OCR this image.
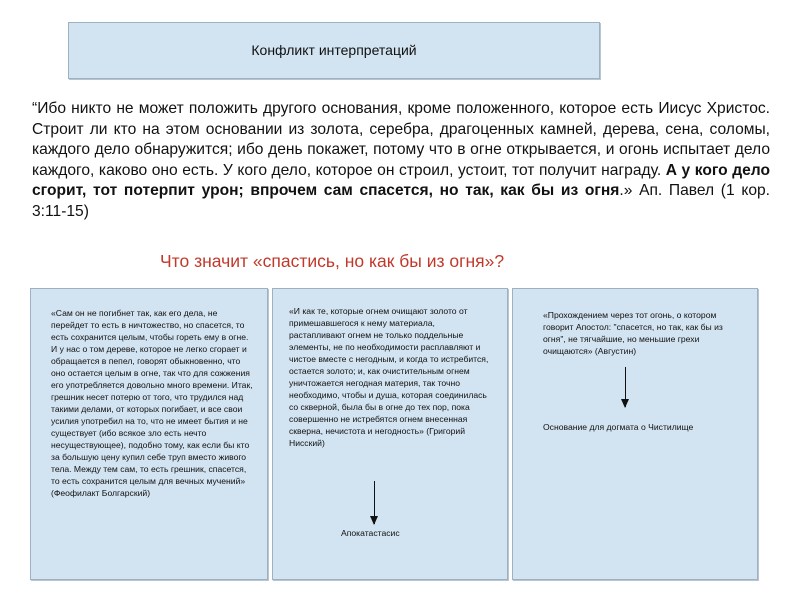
Конфликт интерпретаций

“Ибо никто не может положить другого основания, кроме положенного, которое есть Иисус Христос. Строит ли кто на этом основании из золота, серебра, драгоценных камней, дерева, сена, соломы, каждого дело обнаружится; ибо день покажет, потому что в огне открывается, и огонь испытает дело каждого, каково оно есть. У кого дело, которое он строил, устоит, тот получит награду. А у кого дело сгорит, тот потерпит урон; впрочем сам спасется, но так, как бы из огня.» Ап. Павел (1 кор. 3:11-15)

Что значит «спастись, но как бы из огня»?
«Сам он не погибнет так, как его дела, не перейдет то есть в ничтожество, но спасется, то есть сохранится целым, чтобы гореть ему в огне. И у нас о том дереве, которое не легко сгорает и обращается в пепел, говорят обыкновенно, что оно остается целым в огне, так что для сожжения его употребляется довольно много времени. Итак, грешник несет потерю от того, что трудился над такими делами, от которых погибает, и все свои усилия употребил на то, что не имеет бытия и не существует (ибо всякое зло есть нечто несуществующее), подобно тому, как если бы кто за большую цену купил себе труп вместо живого тела. Между тем сам, то есть грешник, спасется, то есть сохранится целым для вечных мучений» (Феофилакт Болгарский)
«И как те, которые огнем очищают золото от примешавшегося к нему материала, растапливают огнем не только поддельные элементы, не по необходимости расплавляют и чистое вместе с негодным, и когда то истребится, остается золото; и, как очистительным огнем уничтожается негодная материя, так точно необходимо, чтобы и душа, которая соединилась со скверной, была бы в огне до тех пор, пока совершенно не истребятся огнем внесенная скверна, нечистота и негодность» (Григорий Нисский)
Апокатастасис
«Прохождением через тот огонь, о котором говорит Апостол: "спасется, но так, как бы из огня", не тягчайшие, но меньшие грехи очищаются» (Августин)
Основание для догмата о Чистилище
